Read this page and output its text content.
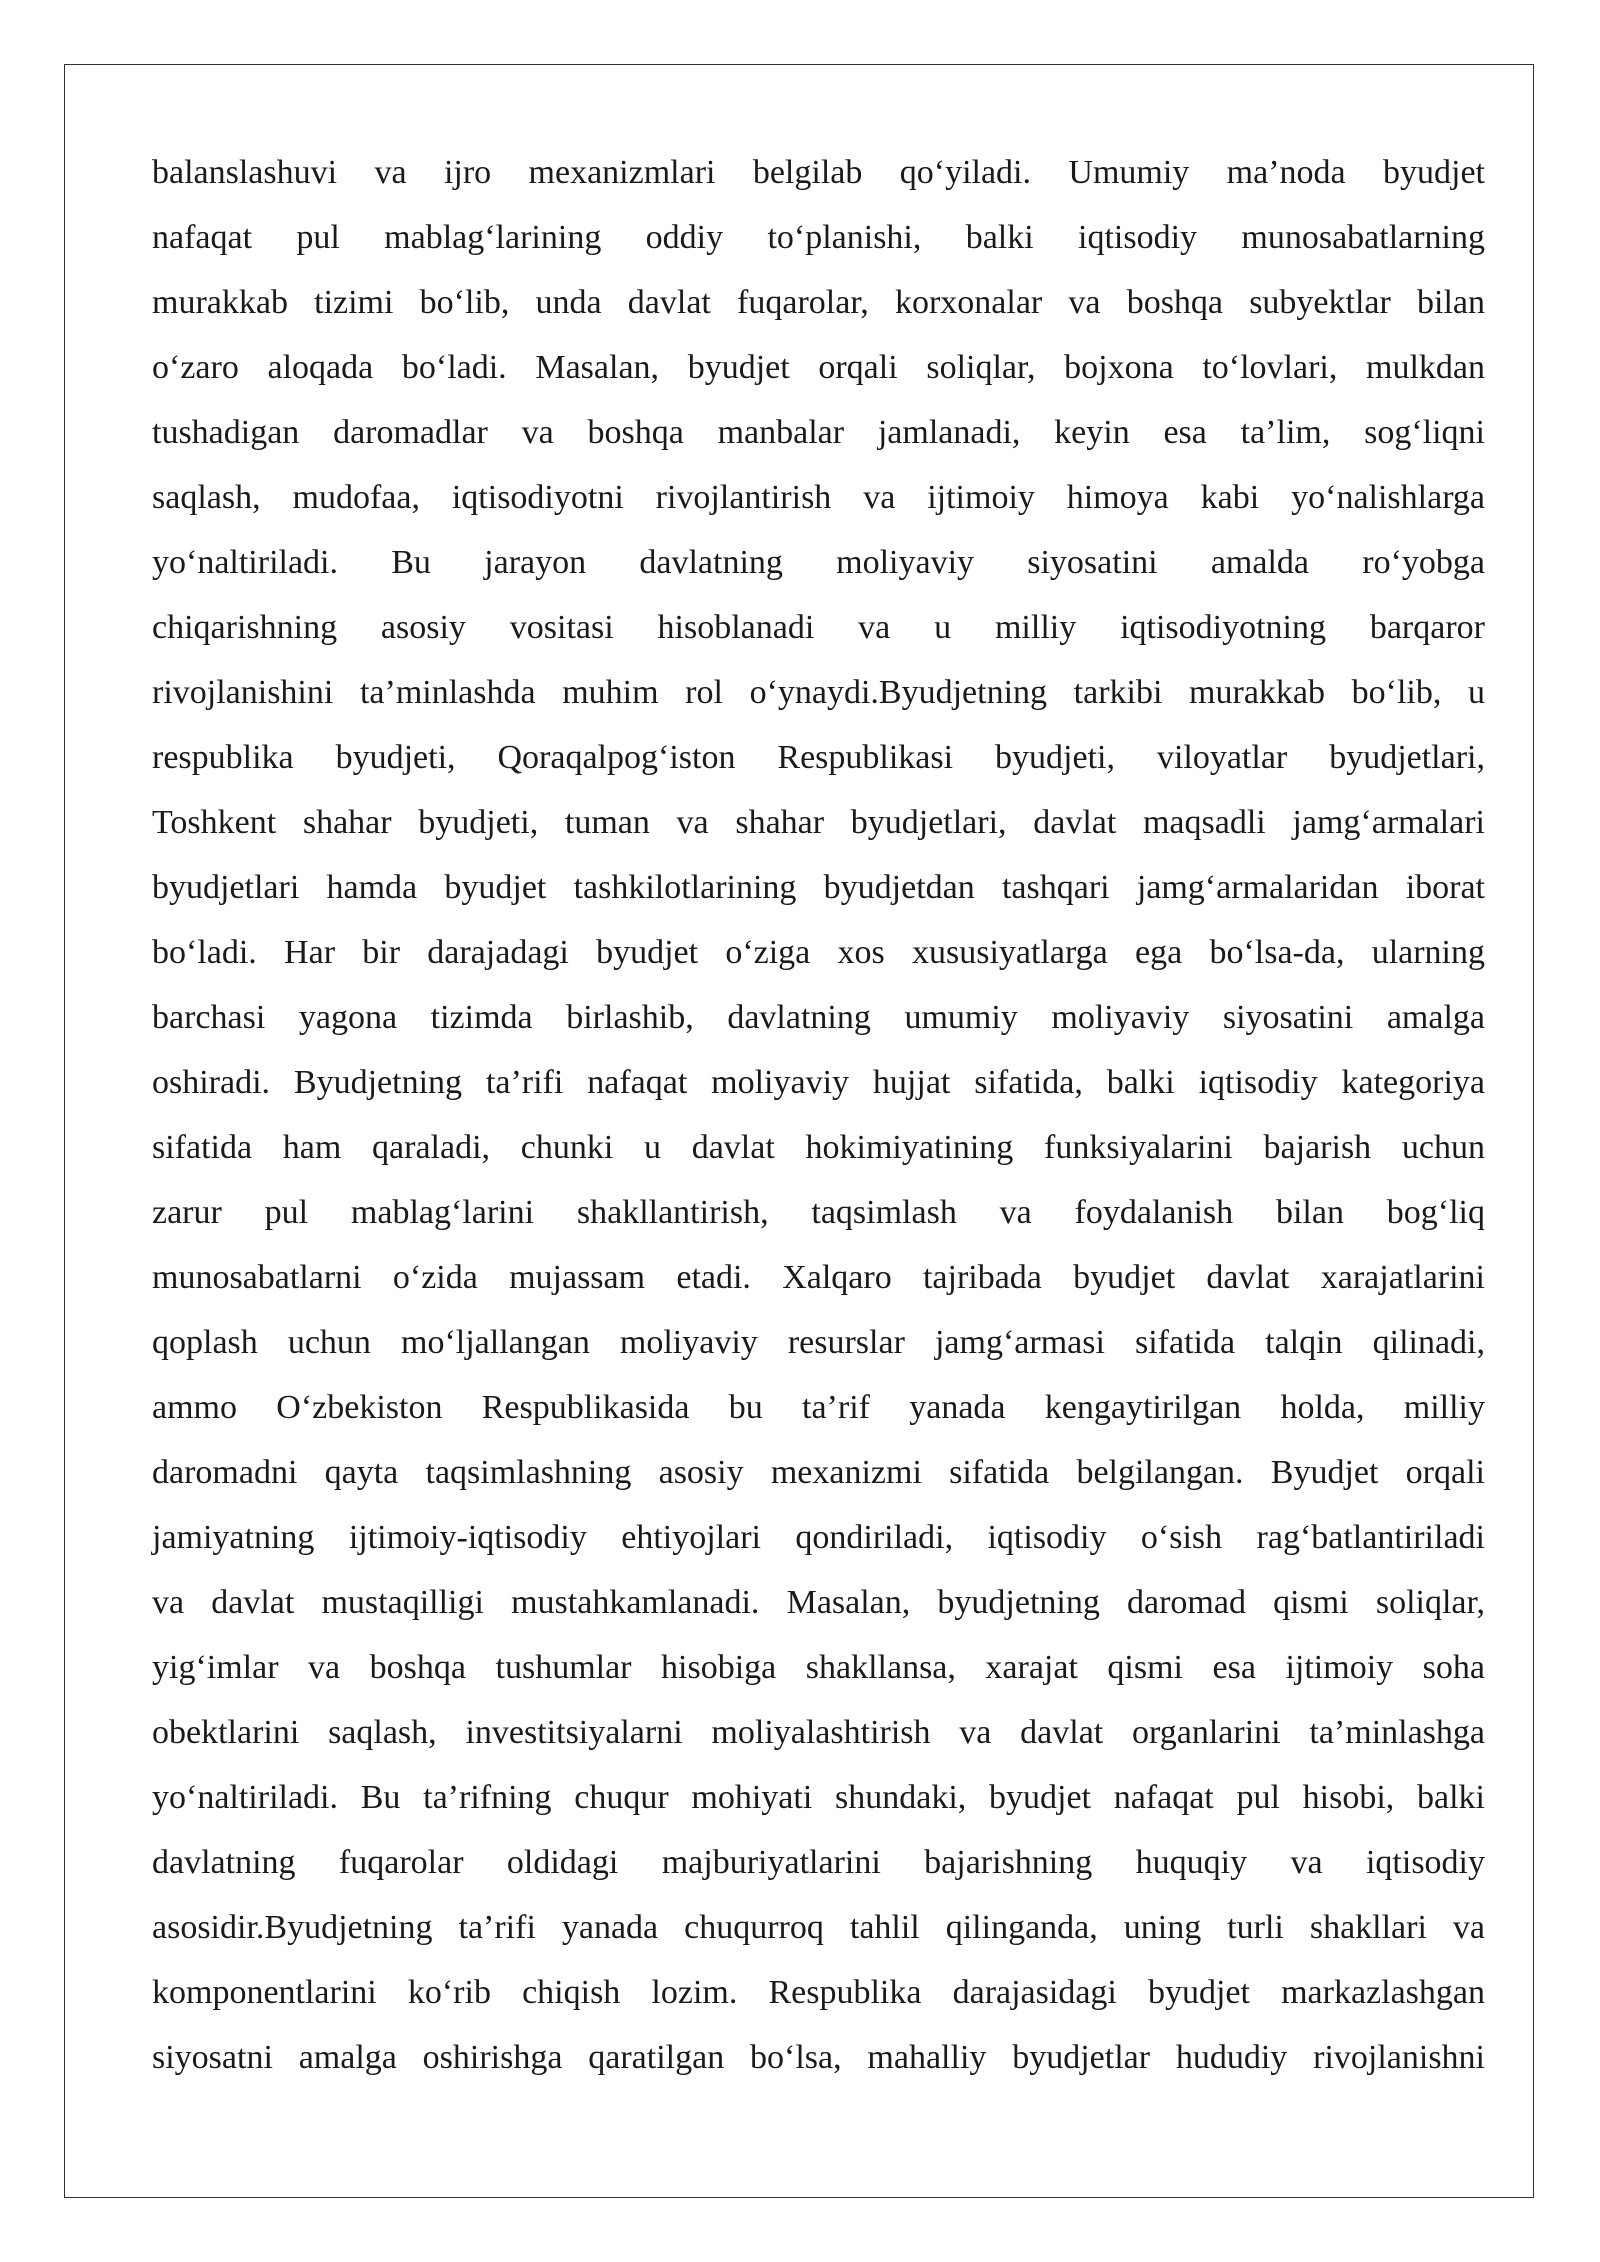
balanslashuvi va ijro mexanizmlari belgilab qo‘yiladi. Umumiy ma’noda byudjet
nafaqat pul mablag‘larining oddiy to‘planishi, balki iqtisodiy munosabatlarning
murakkab tizimi bo‘lib, unda davlat fuqarolar, korxonalar va boshqa subyektlar bilan
o‘zaro aloqada bo‘ladi. Masalan, byudjet orqali soliqlar, bojxona to‘lovlari, mulkdan
tushadigan daromadlar va boshqa manbalar jamlanadi, keyin esa ta’lim, sog‘liqni
saqlash, mudofaa, iqtisodiyotni rivojlantirish va ijtimoiy himoya kabi yo‘nalishlarga
yo‘naltiriladi. Bu jarayon davlatning moliyaviy siyosatini amalda ro‘yobga
chiqarishning asosiy vositasi hisoblanadi va u milliy iqtisodiyotning barqaror
rivojlanishini ta’minlashda muhim rol o‘ynaydi.Byudjetning tarkibi murakkab bo‘lib, u
respublika byudjeti, Qoraqalpog‘iston Respublikasi byudjeti, viloyatlar byudjetlari,
Toshkent shahar byudjeti, tuman va shahar byudjetlari, davlat maqsadli jamg‘armalari
byudjetlari hamda byudjet tashkilotlarining byudjetdan tashqari jamg‘armalaridan iborat
bo‘ladi. Har bir darajadagi byudjet o‘ziga xos xususiyatlarga ega bo‘lsa-da, ularning
barchasi yagona tizimda birlashib, davlatning umumiy moliyaviy siyosatini amalga
oshiradi. Byudjetning ta’rifi nafaqat moliyaviy hujjat sifatida, balki iqtisodiy kategoriya
sifatida ham qaraladi, chunki u davlat hokimiyatining funksiyalarini bajarish uchun
zarur pul mablag‘larini shakllantirish, taqsimlash va foydalanish bilan bog‘liq
munosabatlarni o‘zida mujassam etadi. Xalqaro tajribada byudjet davlat xarajatlarini
qoplash uchun mo‘ljallangan moliyaviy resurslar jamg‘armasi sifatida talqin qilinadi,
ammo O‘zbekiston Respublikasida bu ta’rif yanada kengaytirilgan holda, milliy
daromadni qayta taqsimlashning asosiy mexanizmi sifatida belgilangan. Byudjet orqali
jamiyatning ijtimoiy-iqtisodiy ehtiyojlari qondiriladi, iqtisodiy o‘sish rag‘batlantiriladi
va davlat mustaqilligi mustahkamlanadi. Masalan, byudjetning daromad qismi soliqlar,
yig‘imlar va boshqa tushumlar hisobiga shakllansa, xarajat qismi esa ijtimoiy soha
obektlarini saqlash, investitsiyalarni moliyalashtirish va davlat organlarini ta’minlashga
yo‘naltiriladi. Bu ta’rifning chuqur mohiyati shundaki, byudjet nafaqat pul hisobi, balki
davlatning fuqarolar oldidagi majburiyatlarini bajarishning huquqiy va iqtisodiy
asosidir.Byudjetning ta’rifi yanada chuqurroq tahlil qilinganda, uning turli shakllari va
komponentlarini ko‘rib chiqish lozim. Respublika darajasidagi byudjet markazlashgan
siyosatni amalga oshirishga qaratilgan bo‘lsa, mahalliy byudjetlar hududiy rivojlanishni
